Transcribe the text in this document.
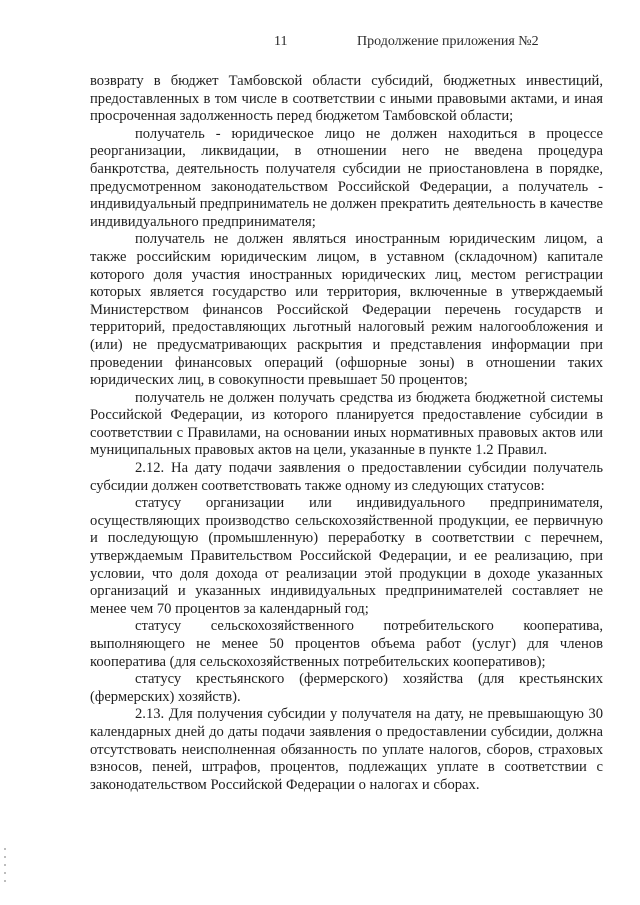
11	Продолжение приложения №2

возврату в бюджет Тамбовской области субсидий, бюджетных инвестиций, предоставленных в том числе в соответствии с иными правовыми актами, и иная просроченная задолженность перед бюджетом Тамбовской области;

получатель - юридическое лицо не должен находиться в процессе реорганизации, ликвидации, в отношении него не введена процедура банкротства, деятельность получателя субсидии не приостановлена в порядке, предусмотренном законодательством Российской Федерации, а получатель - индивидуальный предприниматель не должен прекратить деятельность в качестве индивидуального предпринимателя;

получатель не должен являться иностранным юридическим лицом, а также российским юридическим лицом, в уставном (складочном) капитале которого доля участия иностранных юридических лиц, местом регистрации которых является государство или территория, включенные в утверждаемый Министерством финансов Российской Федерации перечень государств и территорий, предоставляющих льготный налоговый режим налогообложения и (или) не предусматривающих раскрытия и представления информации при проведении финансовых операций (офшорные зоны) в отношении таких юридических лиц, в совокупности превышает 50 процентов;

получатель не должен получать средства из бюджета бюджетной системы Российской Федерации, из которого планируется предоставление субсидии в соответствии с Правилами, на основании иных нормативных правовых актов или муниципальных правовых актов на цели, указанные в пункте 1.2 Правил.

2.12. На дату подачи заявления о предоставлении субсидии получатель субсидии должен соответствовать также одному из следующих статусов:

статусу организации или индивидуального предпринимателя, осуществляющих производство сельскохозяйственной продукции, ее первичную и последующую (промышленную) переработку в соответствии с перечнем, утверждаемым Правительством Российской Федерации, и ее реализацию, при условии, что доля дохода от реализации этой продукции в доходе указанных организаций и указанных индивидуальных предпринимателей составляет не менее чем 70 процентов за календарный год;

статусу сельскохозяйственного потребительского кооператива, выполняющего не менее 50 процентов объема работ (услуг) для членов кооператива (для сельскохозяйственных потребительских кооперативов);

статусу крестьянского (фермерского) хозяйства (для крестьянских (фермерских) хозяйств).

2.13. Для получения субсидии у получателя на дату, не превышающую 30 календарных дней до даты подачи заявления о предоставлении субсидии, должна отсутствовать неисполненная обязанность по уплате налогов, сборов, страховых взносов, пеней, штрафов, процентов, подлежащих уплате в соответствии с законодательством Российской Федерации о налогах и сборах.
